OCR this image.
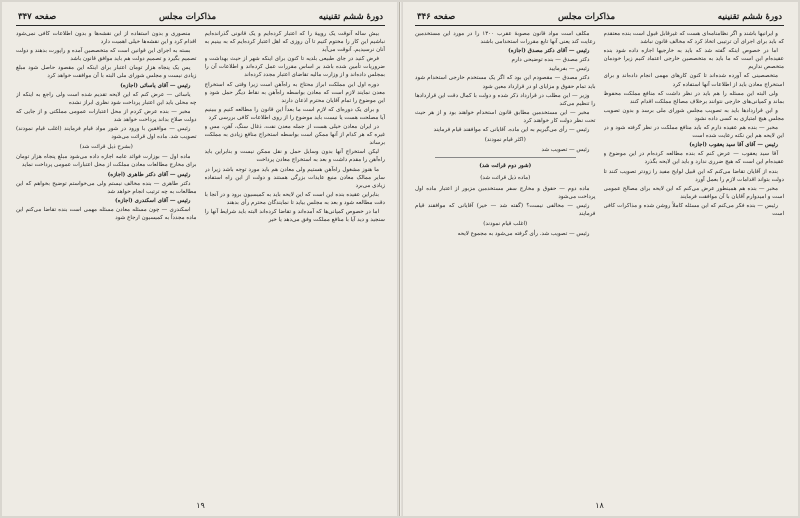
دورهٔ ششم تقنینیه
مذاکرات مجلس
صفحه ۳۴۷

بیش ساله آنوقت یک روپیهٔ را که اعتبار کرده‌ایم و یک قانونی گذرانده‌ایم نباشیم این کار را مختوم کنیم تا آن روزی که اهل اعتبار کرده‌ایم که به بینیم به آنان نرسیدیم. آنوقت می‌آید

فرض کنید در جای طبیعی بلدیه تا کنون برای اینکه شهر از حیث بهداشت و ضروریات تأمین شده باشد بر اساس مقررات عمل کرده‌اند و اطلاعات آن را بمجلس داده‌اند و از وزارت مالیه تقاضای اعتبار مجدد کرده‌اند

دوره اول این مملکت ابراز محتاج به راه‌آهن است زیرا وقتی که استخراج معدن نمایند لازم است که معادن بواسطه راه‌آهن به نقاط دیگر حمل شود و این موضوع را تمام آقایان محترم اذعان دارند

و برای یک دوره‌ای که لازم است ما بعداً این قانون را مطالعه کنیم و ببینیم آیا مصلحت هست یا نیست باید موضوع را از روی اطلاعات کافی بررسی کرد

در ایران معادن خیلی هست از جمله معدن نفت، ذغال سنگ، آهن، مس و غیره که هر کدام از آنها ممکن است بواسطه استخراج منافع زیادی به مملکت برساند

لیکن استخراج آنها بدون وسایل حمل و نقل ممکن نیست و بنابراین باید راه‌آهن را مقدم داشت و بعد به استخراج معادن پرداخت

ما هنوز مشغول راه‌آهن هستیم ولی معادن هم باید مورد توجه باشد زیرا در سایر ممالک معادن منبع عایدات بزرگی هستند و دولت از این راه استفاده زیادی می‌برد

بنابراین عقیده بنده این است که این لایحه باید به کمیسیون برود و در آنجا با دقت مطالعه شود و بعد به مجلس بیاید تا نمایندگان محترم رأی بدهند

اما در خصوص کمپانی‌ها که آمده‌اند و تقاضا کرده‌اند البته باید شرایط آنها را سنجید و دید آیا با منافع مملکت وفق می‌دهد یا خیر

منصوری و بدون استفاده از این نقشه‌ها و بدون اطلاعات کافی نمی‌شود اقدام کرد و این نقشه‌ها خیلی اهمیت دارد

بسته به اجرای این قوانین است که متخصصین آمده و راپورت بدهند و دولت تصمیم بگیرد و تصمیم دولت هم باید موافق قانون باشد

پس یک پنجاه هزار تومان اعتبار برای اینکه این مقصود حاصل شود مبلغ زیادی نیست و مجلس شورای ملی البته با آن موافقت خواهد کرد

رئیس — آقای یاسائی (اجازه)

یاسائی — عرض کنم که این لایحه تقدیم شده است ولی راجع به اینکه از چه محلی باید این اعتبار پرداخت شود نظری ابراز نشده

مخبر — بنده عرض کردم از محل اعتبارات عمومی مملکتی و از جایی که دولت صلاح بداند پرداخت خواهد شد

رئیس — موافقین با ورود در شور مواد قیام فرمایند (اغلب قیام نمودند) تصویب شد. ماده اول قرائت می‌شود

(بشرح ذیل قرائت شد)

ماده اول — بوزارت فوائد عامه اجازه داده می‌شود مبلغ پنجاه هزار تومان برای مخارج مطالعات معادن مملکت از محل اعتبارات عمومی پرداخت نماید

رئیس — آقای دکتر طاهری (اجازه)

دکتر طاهری — بنده مخالف نیستم ولی می‌خواستم توضیح بخواهم که این مطالعات به چه ترتیب انجام خواهد شد

رئیس — آقای اسکندری (اجازه)

اسکندری — چون مسئله معادن مسئله مهمی است بنده تقاضا می‌کنم این ماده مجدداً به کمیسیون ارجاع شود

۱۹
دورهٔ ششم تقنینیه
مذاکرات مجلس
صفحه ۳۴۶

و ایرانیها باشند و اگر نظامنامه‌ای هست که غیرقابل قبول است بنده معتقدم که باید برای اجرای آن ترتیبی اتخاذ کرد که مخالف قانون نباشد

اما در خصوص اینکه گفته شد که باید به خارجیها اجازه داده شود بنده عقیده‌ام این است که ما باید به متخصصین خارجی اعتماد کنیم زیرا خودمان متخصص نداریم

متخصصینی که آورده شده‌اند تا کنون کارهای مهمی انجام داده‌اند و برای استخراج معادن باید از اطلاعات آنها استفاده کرد

ولی البته این مسئله را هم باید در نظر داشت که منافع مملکت محفوظ بماند و کمپانی‌های خارجی نتوانند برخلاف مصالح مملکت اقدام کنند

و این قراردادها باید به تصویب مجلس شورای ملی برسد و بدون تصویب مجلس هیچ امتیازی به کسی داده نشود

مخبر — بنده هم عقیده دارم که باید منافع مملکت در نظر گرفته شود و در این لایحه هم این نکته رعایت شده است

رئیس — آقای آقا سید یعقوب (اجازه)

آقا سید یعقوب — عرض کنم که بنده مطالعه کرده‌ام در این موضوع و عقیده‌ام این است که هیچ ضرری ندارد و باید این لایحه بگذرد

بنده از آقایان تقاضا می‌کنم که این قبیل لوایح مفید را زودتر تصویب کنند تا دولت بتواند اقدامات لازم را بعمل آورد

مخبر — بنده هم همینطور عرض می‌کنم که این لایحه برای مصالح عمومی است و امیدوارم آقایان با آن موافقت فرمایند

رئیس — بنده فکر می‌کنم که این مسئله کاملاً روشن شده و مذاکرات کافی است

مکلف است مواد قانون مصوبهٔ عقرب ۱۳۰۰ را در مورد این مستخدمین رعایت کند یعنی آنها تابع مقررات استخدامی باشند

رئیس — آقای دکتر مصدق (اجازه)

دکتر مصدق — بنده توضیحی دارم

رئیس — بفرمایید

دکتر مصدق — مقصودم این بود که اگر یک مستخدم خارجی استخدام شود باید تمام حقوق و مزایای او در قرارداد معین شود

وزیر — این مطلب در قرارداد ذکر شده و دولت با کمال دقت این قراردادها را تنظیم می‌کند

مخبر — این مستخدمین مطابق قانون استخدام خواهند بود و از هر حیث تحت نظر دولت کار خواهند کرد

رئیس — رأی می‌گیریم به این ماده. آقایانی که موافقند قیام فرمایند

(اکثر قیام نمودند)

رئیس — تصویب شد

(شور دوم قرائت شد)

(ماده ذیل قرائت شد)

ماده دوم — حقوق و مخارج سفر مستخدمین مزبور از اعتبار ماده اول پرداخت می‌شود

رئیس — مخالفی نیست؟ (گفته شد — خیر) آقایانی که موافقند قیام فرمایند

(اغلب قیام نمودند)

رئیس — تصویب شد. رأی گرفته می‌شود به مجموع لایحه

۱۸
